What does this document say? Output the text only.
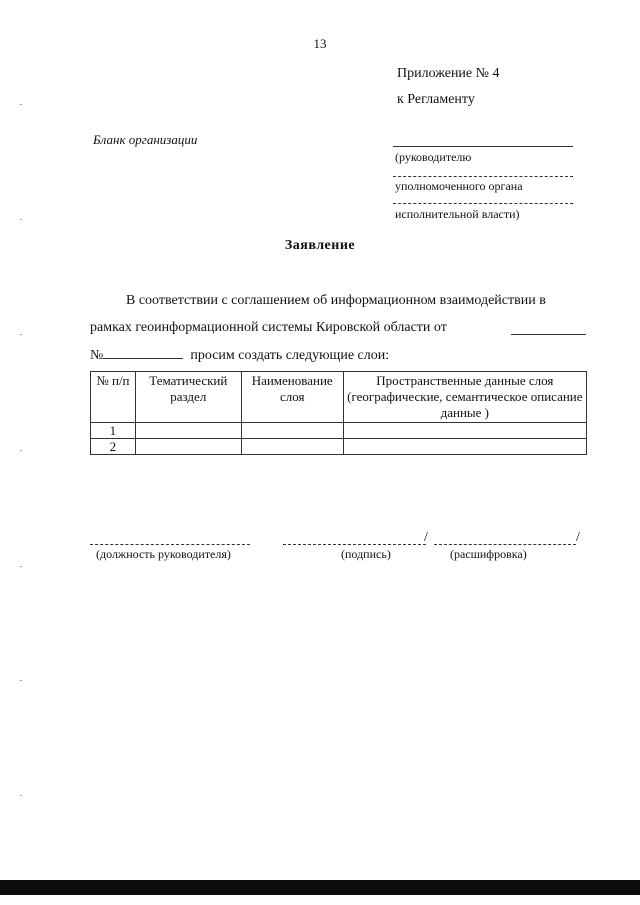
13
Приложение № 4
к Регламенту
Бланк организации
(руководителю
уполномоченного органа
исполнительной власти)
Заявление
В соответствии с соглашением об информационном взаимодействии в
рамках геоинформационной системы Кировской области от
№	просим создать следующие слои:
№ п/п	Тематический раздел	Наименование слоя	Пространственные данные слоя (географические, семантическое описание данные )
1			
2			
/	/
(должность руководителя)	(подпись)	(расшифровка)
